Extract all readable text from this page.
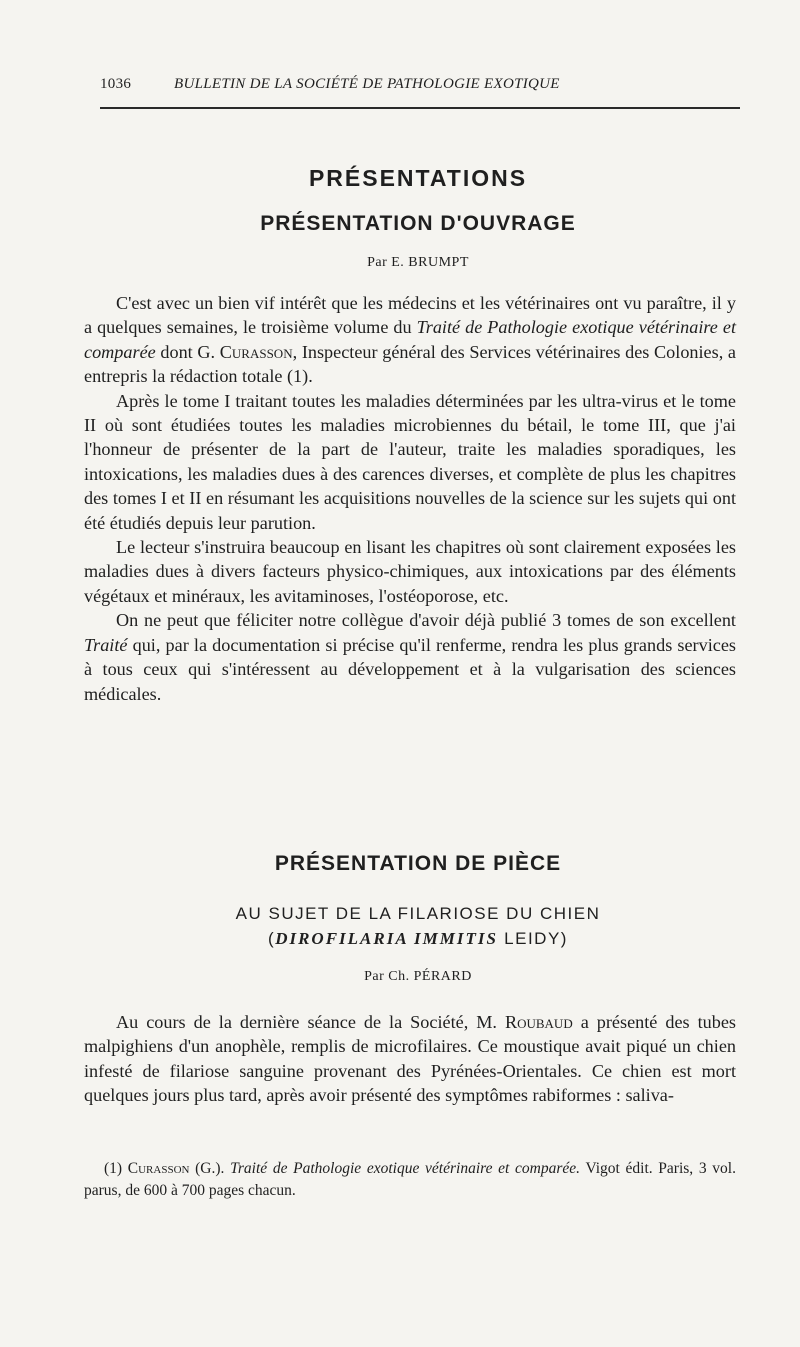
1036	BULLETIN DE LA SOCIÉTÉ DE PATHOLOGIE EXOTIQUE
PRÉSENTATIONS
PRÉSENTATION D'OUVRAGE
Par E. BRUMPT

C'est avec un bien vif intérêt que les médecins et les vétérinaires ont vu paraître, il y a quelques semaines, le troisième volume du Traité de Pathologie exotique vétérinaire et comparée dont G. Curasson, Inspecteur général des Services vétérinaires des Colonies, a entrepris la rédaction totale (1).

Après le tome I traitant toutes les maladies déterminées par les ultra-virus et le tome II où sont étudiées toutes les maladies microbiennes du bétail, le tome III, que j'ai l'honneur de présenter de la part de l'auteur, traite les maladies sporadiques, les intoxications, les maladies dues à des carences diverses, et complète de plus les chapitres des tomes I et II en résumant les acquisitions nouvelles de la science sur les sujets qui ont été étudiés depuis leur parution.

Le lecteur s'instruira beaucoup en lisant les chapitres où sont clairement exposées les maladies dues à divers facteurs physico-chimiques, aux intoxications par des éléments végétaux et minéraux, les avitaminoses, l'ostéoporose, etc.

On ne peut que féliciter notre collègue d'avoir déjà publié 3 tomes de son excellent Traité qui, par la documentation si précise qu'il renferme, rendra les plus grands services à tous ceux qui s'intéressent au développement et à la vulgarisation des sciences médicales.

PRÉSENTATION DE PIÈCE
AU SUJET DE LA FILARIOSE DU CHIEN
(DIROFILARIA IMMITIS LEIDY)
Par Ch. PÉRARD

Au cours de la dernière séance de la Société, M. Roubaud a présenté des tubes malpighiens d'un anophèle, remplis de microfilaires. Ce moustique avait piqué un chien infesté de filariose sanguine provenant des Pyrénées-Orientales. Ce chien est mort quelques jours plus tard, après avoir présenté des symptômes rabiformes : saliva-

(1) Curasson (G.). Traité de Pathologie exotique vétérinaire et comparée. Vigot édit. Paris, 3 vol. parus, de 600 à 700 pages chacun.
